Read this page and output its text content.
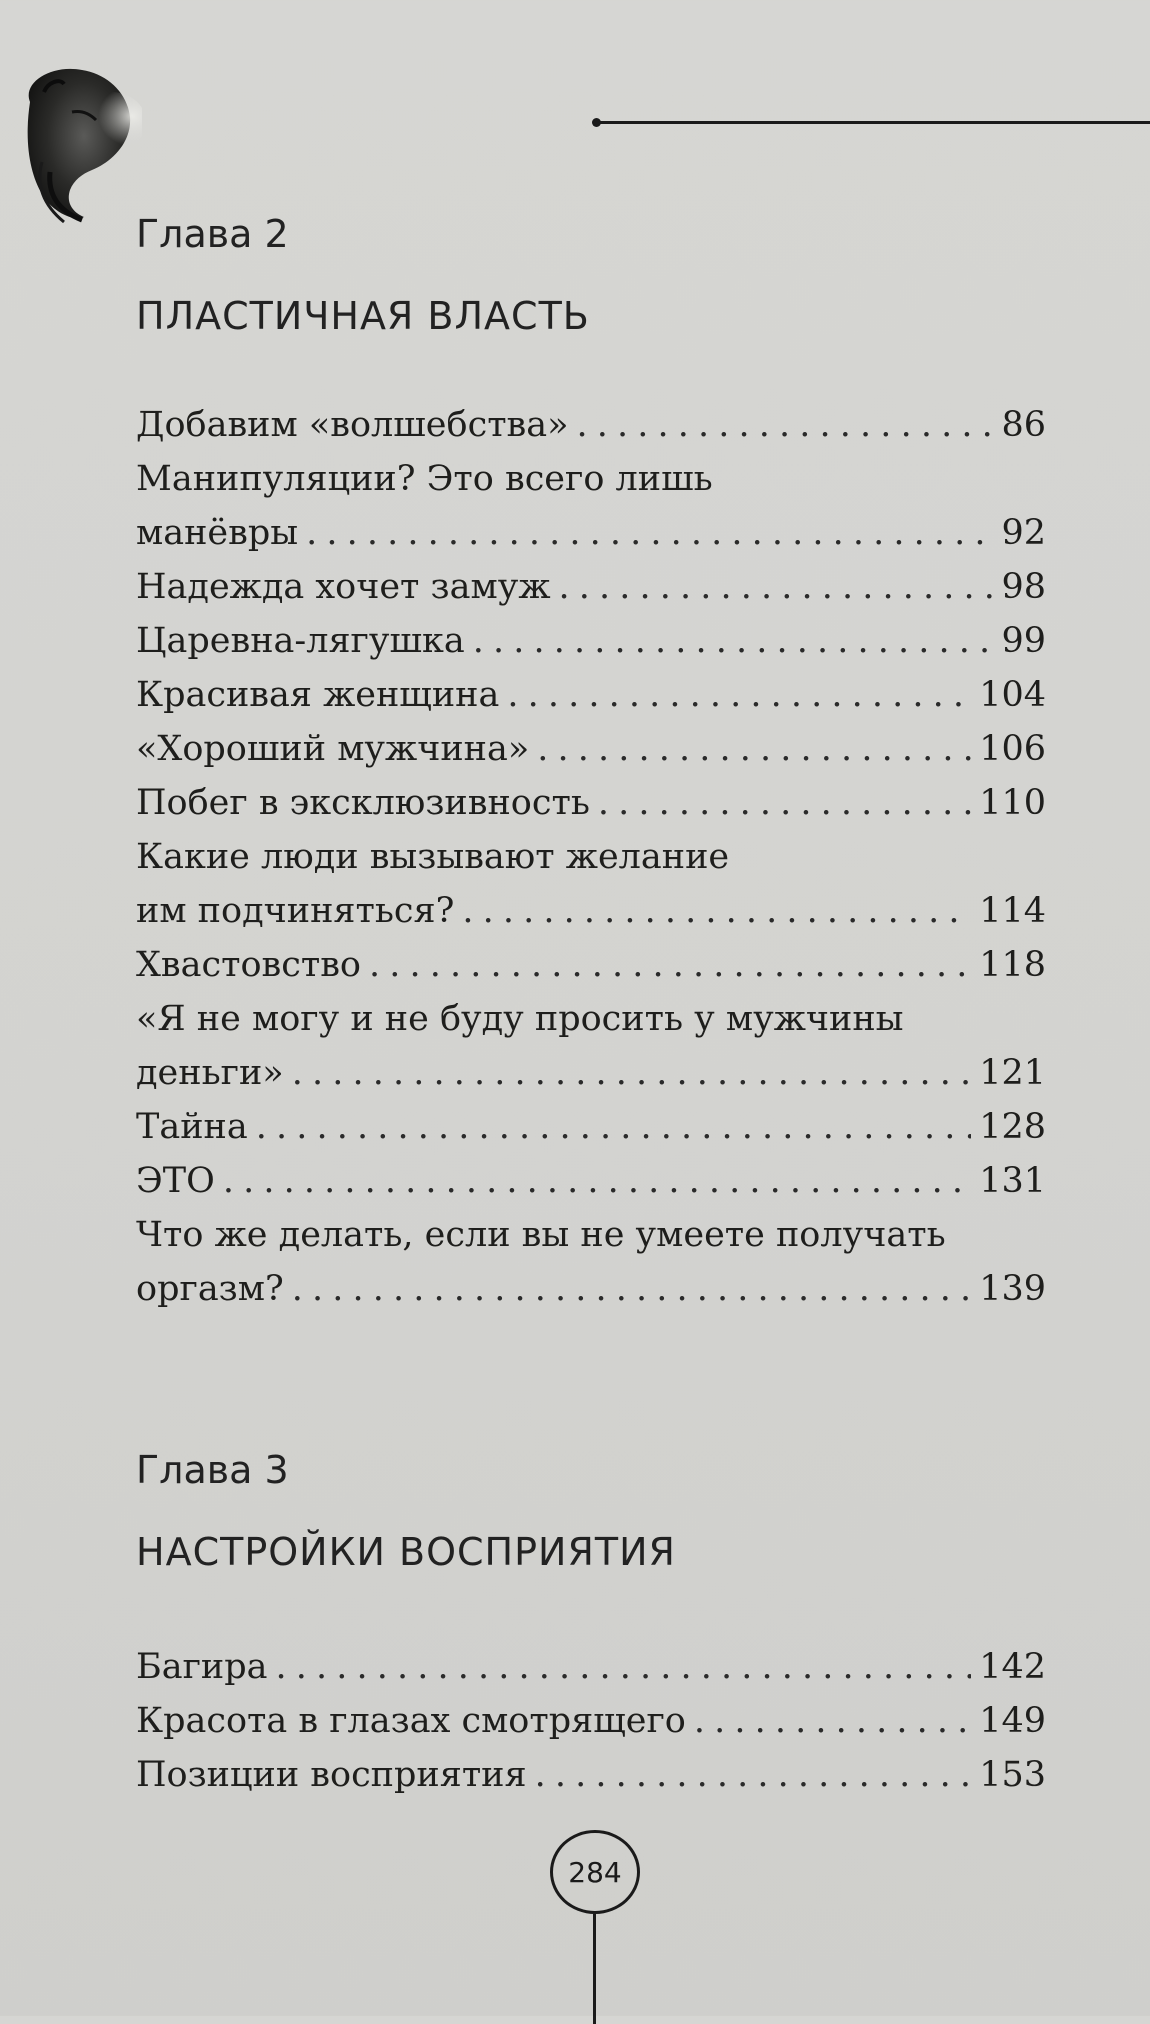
Глава 2
ПЛАСТИЧНАЯ ВЛАСТЬ
Добавим «волшебства» . . .	86
Манипуляции? Это всего лишь
манёвры . . .	92
Надежда хочет замуж . . .	98
Царевна-лягушка . . .	99
Красивая женщина . . .	104
«Хороший мужчина» . . .	106
Побег в эксклюзивность . . .	110
Какие люди вызывают желание
им подчиняться? . . .	114
Хвастовство . . .	118
«Я не могу и не буду просить у мужчины
деньги» . . .	121
Тайна . . .	128
ЭТО . . .	131
Что же делать, если вы не умеете получать
оргазм? . . .	139
Глава 3
НАСТРОЙКИ ВОСПРИЯТИЯ
Багира . . .	142
Красота в глазах смотрящего . . .	149
Позиции восприятия . . .	153
284
